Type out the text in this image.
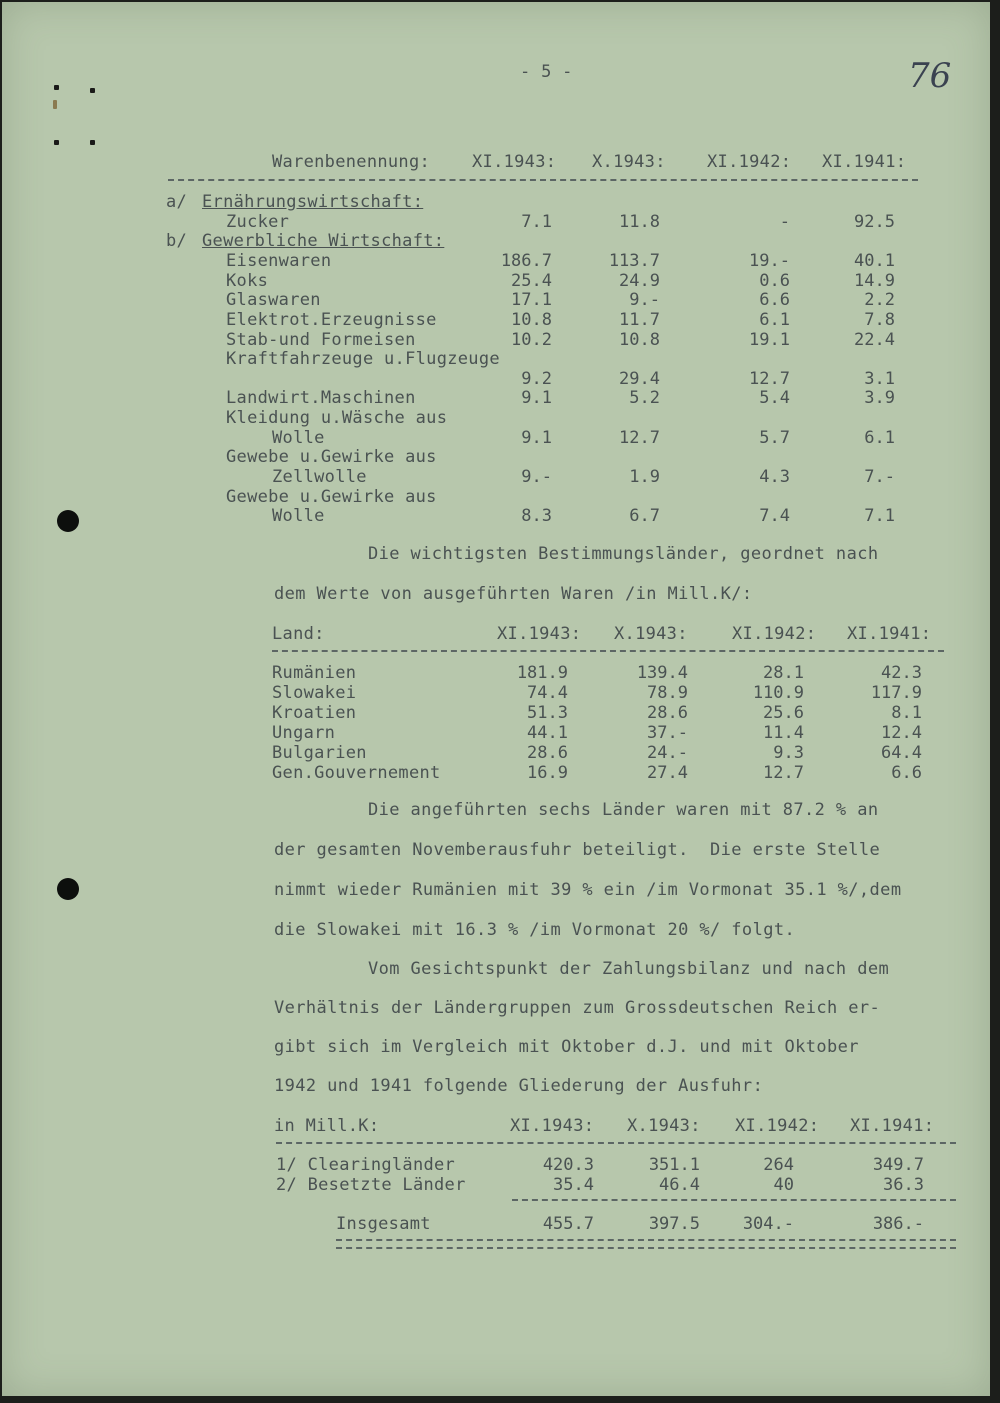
- 5 -	76
Warenbenennung: XI.1943: X.1943: XI.1942: XI.1941:
a/ Ernährungswirtschaft:
b/ Gewerbliche Wirtschaft:
Zucker	7.1	11.8	-	92.5
Eisenwaren	186.7	113.7	19.-	40.1
Koks	25.4	24.9	0.6	14.9
Glaswaren	17.1	9.-	6.6	2.2
Elektrot.Erzeugnisse	10.8	11.7	6.1	7.8
Stab-und Formeisen	10.2	10.8	19.1	22.4
Kraftfahrzeuge u.Flugzeuge
9.2	29.4	12.7	3.1
Landwirt.Maschinen	9.1	5.2	5.4	3.9
Kleidung u.Wäsche aus
Wolle	9.1	12.7	5.7	6.1
Gewebe u.Gewirke aus
Zellwolle	9.-	1.9	4.3	7.-
Gewebe u.Gewirke aus
Wolle	8.3	6.7	7.4	7.1
Die wichtigsten Bestimmungsländer, geordnet nach
dem Werte von ausgeführten Waren /in Mill.K/:
Land:	XI.1943: X.1943:	XI.1942: XI.1941:
Rumänien	181.9	139.4	28.1	42.3
Slowakei	74.4	78.9	110.9	117.9
Kroatien	51.3	28.6	25.6	8.1
Ungarn	44.1	37.-	11.4	12.4
Bulgarien	28.6	24.-	9.3	64.4
Gen.Gouvernement	16.9	27.4	12.7	6.6
Die angeführten sechs Länder waren mit 87.2 % an
der gesamten Novemberausfuhr beteiligt.  Die erste Stelle
nimmt wieder Rumänien mit 39 % ein /im Vormonat 35.1 %/,dem
die Slowakei mit 16.3 % /im Vormonat 20 %/ folgt.
Vom Gesichtspunkt der Zahlungsbilanz und nach dem
Verhältnis der Ländergruppen zum Grossdeutschen Reich er-
gibt sich im Vergleich mit Oktober d.J. und mit Oktober
1942 und 1941 folgende Gliederung der Ausfuhr:
in Mill.K:	XI.1943: X.1943: XI.1942: XI.1941:
1/ Clearingländer	420.3	351.1	264	349.7
2/ Besetzte Länder	35.4	46.4	40	36.3
Insgesamt	455.7	397.5	304.-	386.-
